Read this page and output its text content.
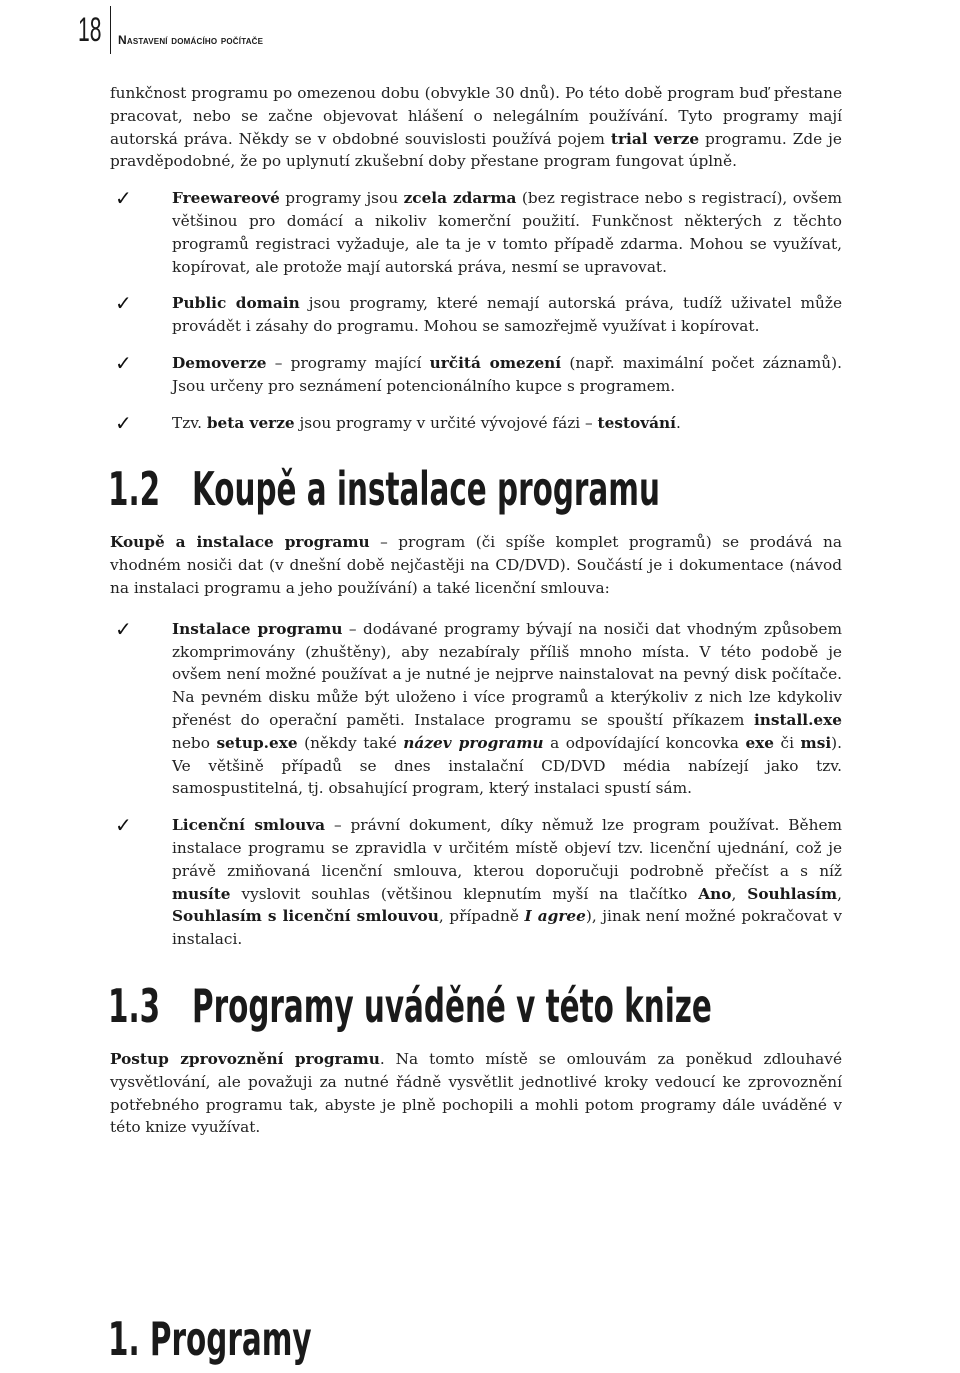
18 Nastavení domácího počítače

funkčnost programu po omezenou dobu (obvykle 30 dnů). Po této době program buď přestane pracovat, nebo se začne objevovat hlášení o nelegálním používání. Tyto programy mají autorská práva. Někdy se v obdobné souvislosti používá pojem trial verze programu. Zde je pravděpodobné, že po uplynutí zkušební doby přestane program fungovat úplně.

✓	Freewareové programy jsou zcela zdarma (bez registrace nebo s registrací), ovšem většinou pro domácí a nikoliv komerční použití. Funkčnost některých z těchto programů registraci vyžaduje, ale ta je v tomto případě zdarma. Mohou se využívat, kopírovat, ale protože mají autorská práva, nesmí se upravovat.

✓	Public domain jsou programy, které nemají autorská práva, tudíž uživatel může provádět i zásahy do programu. Mohou se samozřejmě využívat i kopírovat.

✓	Demoverze – programy mající určitá omezení (např. maximální počet záznamů). Jsou určeny pro seznámení potencionálního kupce s programem.

✓	Tzv. beta verze jsou programy v určité vývojové fázi – testování.

1.2 Koupě a instalace programu

Koupě a instalace programu – program (či spíše komplet programů) se prodává na vhodném nosiči dat (v dnešní době nejčastěji na CD/DVD). Součástí je i dokumentace (návod na instalaci programu a jeho používání) a také licenční smlouva:

✓	Instalace programu – dodávané programy bývají na nosiči dat vhodným způsobem zkomprimovány (zhuštěny), aby nezabíraly příliš mnoho místa. V této podobě je ovšem není možné používat a je nutné je nejprve nainstalovat na pevný disk počítače. Na pevném disku může být uloženo i více programů a kterýkoliv z nich lze kdykoliv přenést do operační paměti. Instalace programu se spouští příkazem install.exe nebo setup.exe (někdy také název programu a odpovídající koncovka exe či msi). Ve většině případů se dnes instalační CD/DVD média nabízejí jako tzv. samospustitelná, tj. obsahující program, který instalaci spustí sám.

✓	Licenční smlouva – právní dokument, díky němuž lze program používat. Během instalace programu se zpravidla v určitém místě objeví tzv. licenční ujednání, což je právě zmiňovaná licenční smlouva, kterou doporučuji podrobně přečíst a s níž musíte vyslovit souhlas (většinou klepnutím myší na tlačítko Ano, Souhlasím, Souhlasím s licenční smlouvou, případně I agree), jinak není možné pokračovat v instalaci.

1.3 Programy uváděné v této knize

Postup zprovoznění programu. Na tomto místě se omlouvám za poněkud zdlouhavé vysvětlování, ale považuji za nutné řádně vysvětlit jednotlivé kroky vedoucí ke zprovoznění potřebného programu tak, abyste je plně pochopili a mohli potom programy dále uváděné v této knize využívat.

1. Programy
